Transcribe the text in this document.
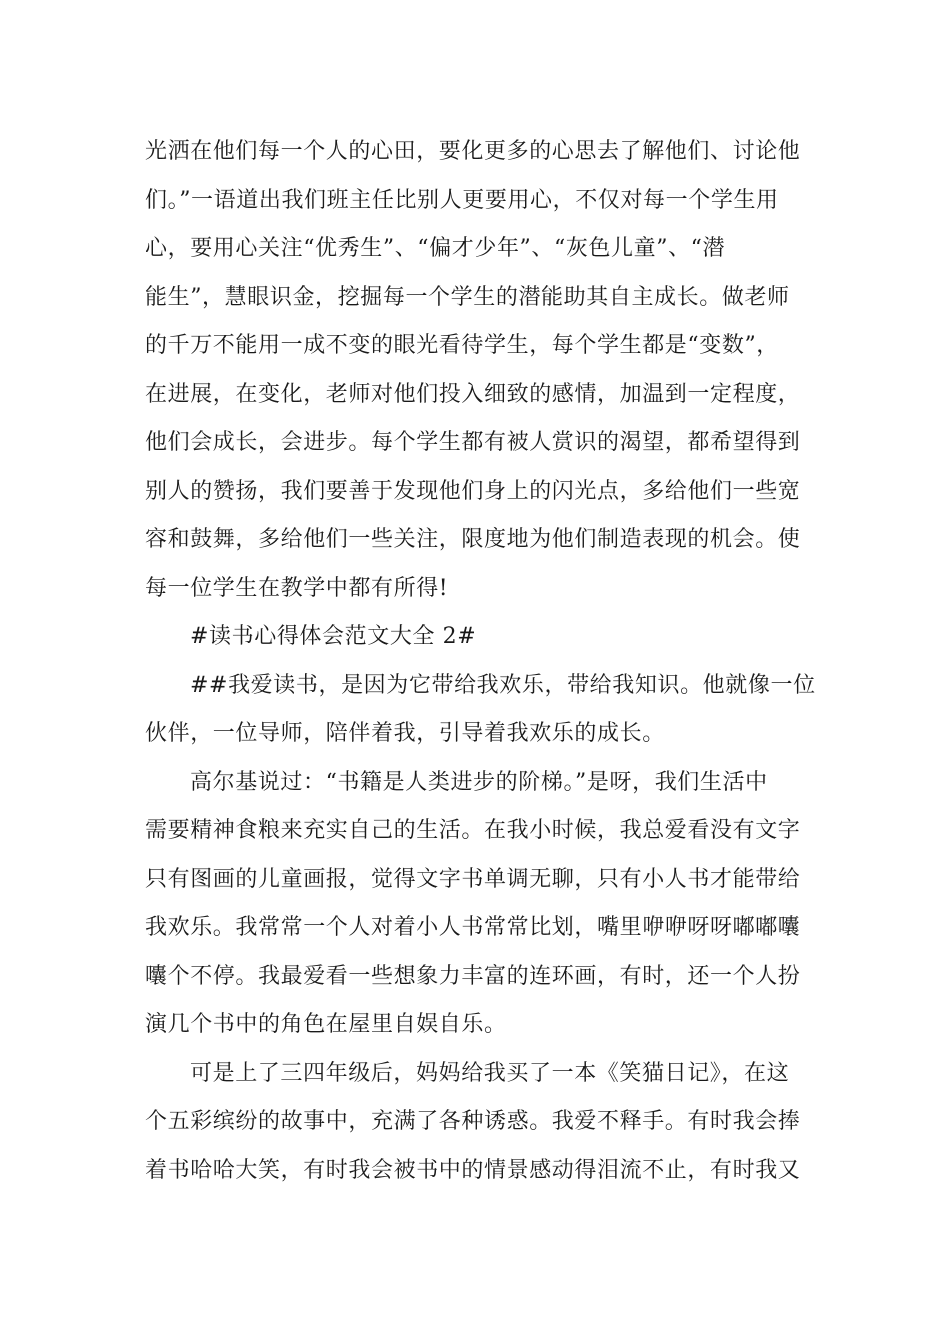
光洒在他们每一个人的心田，要化更多的心思去了解他们、讨论他
们。”一语道出我们班主任比别人更要用心，不仅对每一个学生用
心，要用心关注“优秀生”、“偏才少年”、“灰色儿童”、“潜
能生”，慧眼识金，挖掘每一个学生的潜能助其自主成长。做老师
的千万不能用一成不变的眼光看待学生，每个学生都是“变数”，
在进展，在变化，老师对他们投入细致的感情，加温到一定程度，
他们会成长，会进步。每个学生都有被人赏识的渴望，都希望得到
别人的赞扬，我们要善于发现他们身上的闪光点，多给他们一些宽
容和鼓舞，多给他们一些关注，限度地为他们制造表现的机会。使
每一位学生在教学中都有所得!
#读书心得体会范文大全 2#
##我爱读书，是因为它带给我欢乐，带给我知识。他就像一位
伙伴，一位导师，陪伴着我，引导着我欢乐的成长。
高尔基说过：“书籍是人类进步的阶梯。”是呀，我们生活中
需要精神食粮来充实自己的生活。在我小时候，我总爱看没有文字
只有图画的儿童画报，觉得文字书单调无聊，只有小人书才能带给
我欢乐。我常常一个人对着小人书常常比划，嘴里咿咿呀呀嘟嘟囔
囔个不停。我最爱看一些想象力丰富的连环画，有时，还一个人扮
演几个书中的角色在屋里自娱自乐。
可是上了三四年级后，妈妈给我买了一本《笑猫日记》，在这
个五彩缤纷的故事中，充满了各种诱惑。我爱不释手。有时我会捧
着书哈哈大笑，有时我会被书中的情景感动得泪流不止，有时我又
